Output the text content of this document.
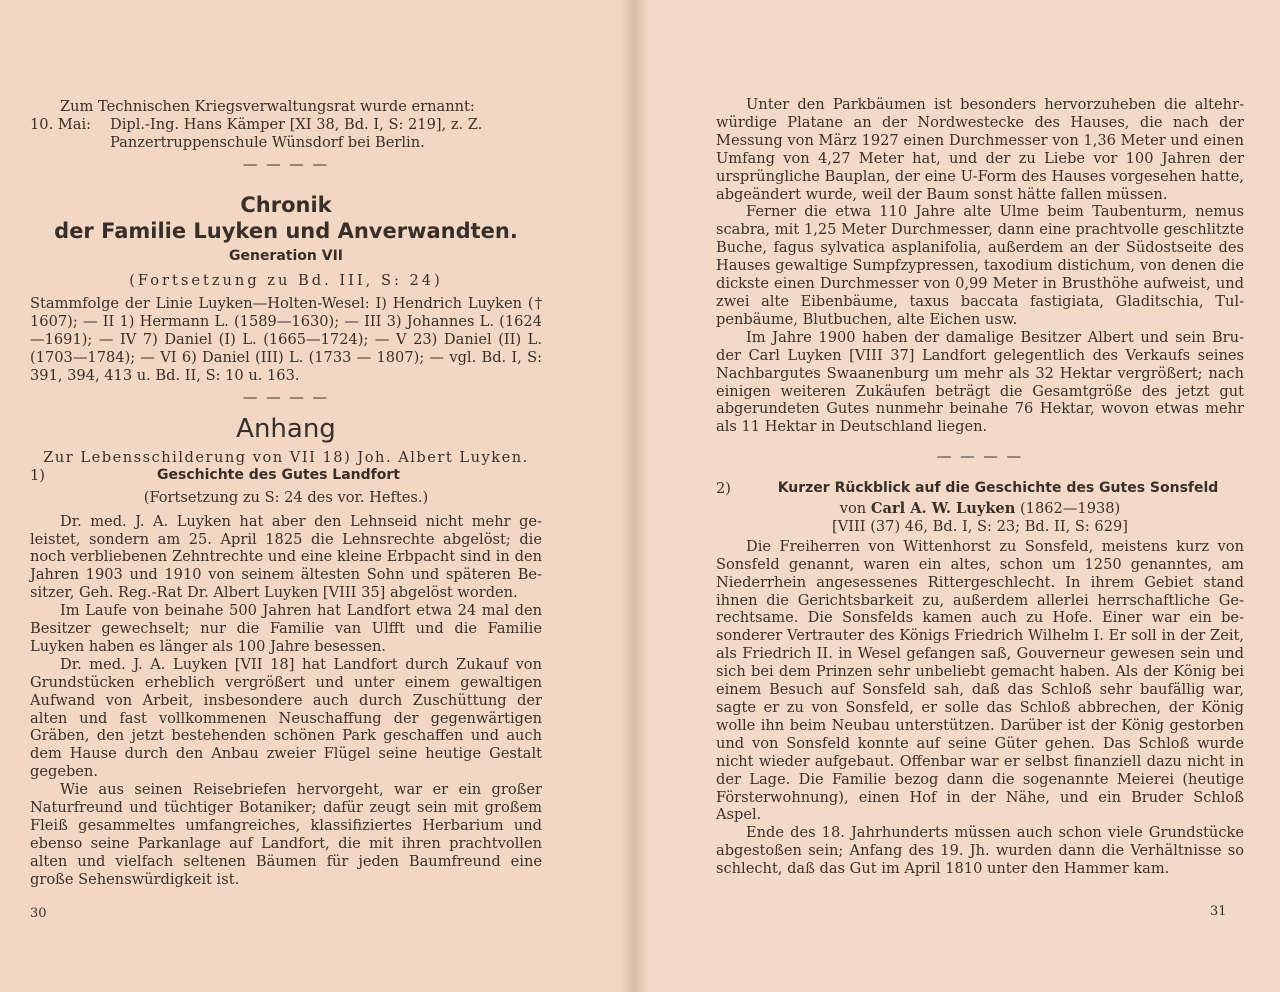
Zum Technischen Kriegsverwaltungsrat wurde ernannt:

10. Mai:	Dipl.-Ing. Hans Kämper [XI 38, Bd. I, S: 219], z. Z.

Panzertruppenschule Wünsdorf bei Berlin.

— — — —

Chronik
der Familie Luyken und Anverwandten.
Generation VII

(Fortsetzung zu Bd. III, S: 24)

Stammfolge der Linie Luyken—Holten-Wesel: I) Hendrich Luyken († 1607); — II 1) Hermann L. (1589—1630); — III 3) Johannes L. (1624—1691); — IV 7) Daniel (I) L. (1665—1724); — V 23) Daniel (II) L. (1703—1784); — VI 6) Daniel (III) L. (1733 — 1807); — vgl. Bd. I, S: 391, 394, 413 u. Bd. II, S: 10 u. 163.

— — — —

Anhang

Zur Lebensschilderung von VII 18) Joh. Albert Luyken.

1)	Geschichte des Gutes Landfort

(Fortsetzung zu S: 24 des vor. Heftes.)

Dr. med. J. A. Luyken hat aber den Lehnseid nicht mehr geleistet, sondern am 25. April 1825 die Lehnsrechte abgelöst; die noch verbliebenen Zehntrechte und eine kleine Erbpacht sind in den Jahren 1903 und 1910 von seinem ältesten Sohn und späteren Besitzer, Geh. Reg.-Rat Dr. Albert Luyken [VIII 35] abgelöst worden.

Im Laufe von beinahe 500 Jahren hat Landfort etwa 24 mal den Besitzer gewechselt; nur die Familie van Ulfft und die Familie Luyken haben es länger als 100 Jahre besessen.

Dr. med. J. A. Luyken [VII 18] hat Landfort durch Zukauf von Grundstücken erheblich vergrößert und unter einem gewaltigen Aufwand von Arbeit, insbesondere auch durch Zuschüttung der alten und fast vollkommenen Neuschaffung der gegenwärtigen Gräben, den jetzt bestehenden schönen Park geschaffen und auch dem Hause durch den Anbau zweier Flügel seine heutige Gestalt gegeben.

Wie aus seinen Reisebriefen hervorgeht, war er ein großer Naturfreund und tüchtiger Botaniker; dafür zeugt sein mit großem Fleiß gesammeltes umfangreiches, klassifiziertes Herbarium und ebenso seine Parkanlage auf Landfort, die mit ihren prachtvollen alten und vielfach seltenen Bäumen für jeden Baumfreund eine große Sehenswürdigkeit ist.

30

Unter den Parkbäumen ist besonders hervorzuheben die altehrwürdige Platane an der Nordwestecke des Hauses, die nach der Messung von März 1927 einen Durchmesser von 1,36 Meter und einen Umfang von 4,27 Meter hat, und der zu Liebe vor 100 Jahren der ursprüngliche Bauplan, der eine U-Form des Hauses vorgesehen hatte, abgeändert wurde, weil der Baum sonst hätte fallen müssen.

Ferner die etwa 110 Jahre alte Ulme beim Taubenturm, nemus scabra, mit 1,25 Meter Durchmesser, dann eine prachtvolle geschlitzte Buche, fagus sylvatica asplanifolia, außerdem an der Südostseite des Hauses gewaltige Sumpfzypressen, taxodium distichum, von denen die dickste einen Durchmesser von 0,99 Meter in Brusthöhe aufweist, und zwei alte Eibenbäume, taxus baccata fastigiata, Gladitschia, Tulpenbäume, Blutbuchen, alte Eichen usw.

Im Jahre 1900 haben der damalige Besitzer Albert und sein Bruder Carl Luyken [VIII 37] Landfort gelegentlich des Verkaufs seines Nachbargutes Swaanenburg um mehr als 32 Hektar vergrößert; nach einigen weiteren Zukäufen beträgt die Gesamtgröße des jetzt gut abgerundeten Gutes nunmehr beinahe 76 Hektar, wovon etwas mehr als 11 Hektar in Deutschland liegen.

— — — —

2)	Kurzer Rückblick auf die Geschichte des Gutes Sonsfeld

von Carl A. W. Luyken (1862—1938)

[VIII (37) 46, Bd. I, S: 23; Bd. II, S: 629]

Die Freiherren von Wittenhorst zu Sonsfeld, meistens kurz von Sonsfeld genannt, waren ein altes, schon um 1250 genanntes, am Niederrhein angesessenes Rittergeschlecht. In ihrem Gebiet stand ihnen die Gerichtsbarkeit zu, außerdem allerlei herrschaftliche Gerechtsame. Die Sonsfelds kamen auch zu Hofe. Einer war ein besonderer Vertrauter des Königs Friedrich Wilhelm I. Er soll in der Zeit, als Friedrich II. in Wesel gefangen saß, Gouverneur gewesen sein und sich bei dem Prinzen sehr unbeliebt gemacht haben. Als der König bei einem Besuch auf Sonsfeld sah, daß das Schloß sehr baufällig war, sagte er zu von Sonsfeld, er solle das Schloß abbrechen, der König wolle ihn beim Neubau unterstützen. Darüber ist der König gestorben und von Sonsfeld konnte auf seine Güter gehen. Das Schloß wurde nicht wieder aufgebaut. Offenbar war er selbst finanziell dazu nicht in der Lage. Die Familie bezog dann die sogenannte Meierei (heutige Försterwohnung), einen Hof in der Nähe, und ein Bruder Schloß Aspel.

Ende des 18. Jahrhunderts müssen auch schon viele Grundstücke abgestoßen sein; Anfang des 19. Jh. wurden dann die Verhältnisse so schlecht, daß das Gut im April 1810 unter den Hammer kam.

31
